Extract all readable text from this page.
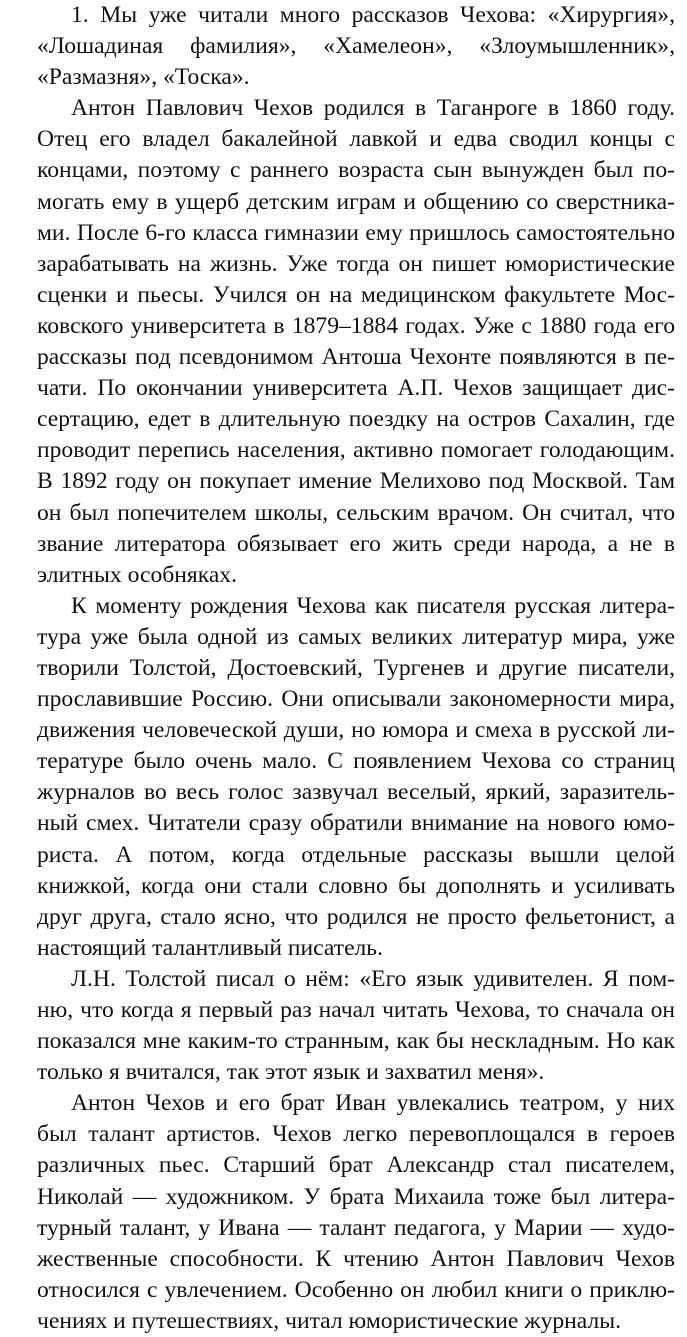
1. Мы уже читали много рассказов Чехова: «Хирургия»,
«Лошадиная фамилия», «Хамелеон», «Злоумышленник»,
«Размазня», «Тоска».
Антон Павлович Чехов родился в Таганроге в 1860 году.
Отец его владел бакалейной лавкой и едва сводил концы с
концами, поэтому с раннего возраста сын вынужден был по-
могать ему в ущерб детским играм и общению со сверстника-
ми. После 6-го класса гимназии ему пришлось самостоятельно
зарабатывать на жизнь. Уже тогда он пишет юмористические
сценки и пьесы. Учился он на медицинском факультете Мос-
ковского университета в 1879–1884 годах. Уже с 1880 года его
рассказы под псевдонимом Антоша Чехонте появляются в пе-
чати. По окончании университета А.П. Чехов защищает дис-
сертацию, едет в длительную поездку на остров Сахалин, где
проводит перепись населения, активно помогает голодающим.
В 1892 году он покупает имение Мелихово под Москвой. Там
он был попечителем школы, сельским врачом. Он считал, что
звание литератора обязывает его жить среди народа, а не в
элитных особняках.
К моменту рождения Чехова как писателя русская литера-
тура уже была одной из самых великих литератур мира, уже
творили Толстой, Достоевский, Тургенев и другие писатели,
прославившие Россию. Они описывали закономерности мира,
движения человеческой души, но юмора и смеха в русской ли-
тературе было очень мало. С появлением Чехова со страниц
журналов во весь голос зазвучал веселый, яркий, заразитель-
ный смех. Читатели сразу обратили внимание на нового юмо-
риста. А потом, когда отдельные рассказы вышли целой
книжкой, когда они стали словно бы дополнять и усиливать
друг друга, стало ясно, что родился не просто фельетонист, а
настоящий талантливый писатель.
Л.Н. Толстой писал о нём: «Его язык удивителен. Я пом-
ню, что когда я первый раз начал читать Чехова, то сначала он
показался мне каким-то странным, как бы нескладным. Но как
только я вчитался, так этот язык и захватил меня».
Антон Чехов и его брат Иван увлекались театром, у них
был талант артистов. Чехов легко перевоплощался в героев
различных пьес. Старший брат Александр стал писателем,
Николай — художником. У брата Михаила тоже был литера-
турный талант, у Ивана — талант педагога, у Марии — худо-
жественные способности. К чтению Антон Павлович Чехов
относился с увлечением. Особенно он любил книги о приклю-
чениях и путешествиях, читал юмористические журналы.
